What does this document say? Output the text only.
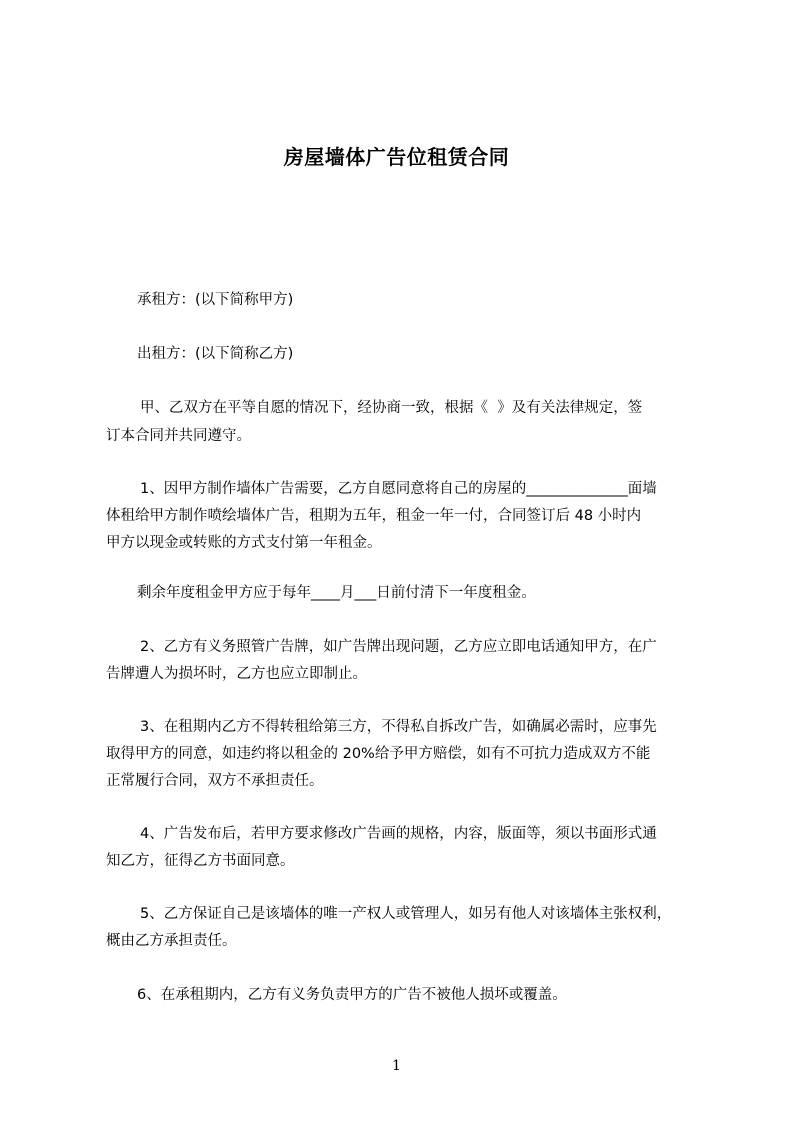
房屋墙体广告位租赁合同
承租方：(以下简称甲方)
出租方：(以下简称乙方)
甲、乙双方在平等自愿的情况下，经协商一致，根据《  》及有关法律规定，签
订本合同并共同遵守。
1、因甲方制作墙体广告需要，乙方自愿同意将自己的房屋的______________面墙
体租给甲方制作喷绘墙体广告，租期为五年，租金一年一付，合同签订后 48 小时内
甲方以现金或转账的方式支付第一年租金。
剩余年度租金甲方应于每年____月___日前付清下一年度租金。
2、乙方有义务照管广告牌，如广告牌出现问题，乙方应立即电话通知甲方，在广
告牌遭人为损坏时，乙方也应立即制止。
3、在租期内乙方不得转租给第三方，不得私自拆改广告，如确属必需时，应事先
取得甲方的同意，如违约将以租金的 20%给予甲方赔偿，如有不可抗力造成双方不能
正常履行合同，双方不承担责任。
4、广告发布后，若甲方要求修改广告画的规格，内容，版面等，须以书面形式通
知乙方，征得乙方书面同意。
5、乙方保证自己是该墙体的唯一产权人或管理人，如另有他人对该墙体主张权利，
概由乙方承担责任。
6、在承租期内，乙方有义务负责甲方的广告不被他人损坏或覆盖。
1
